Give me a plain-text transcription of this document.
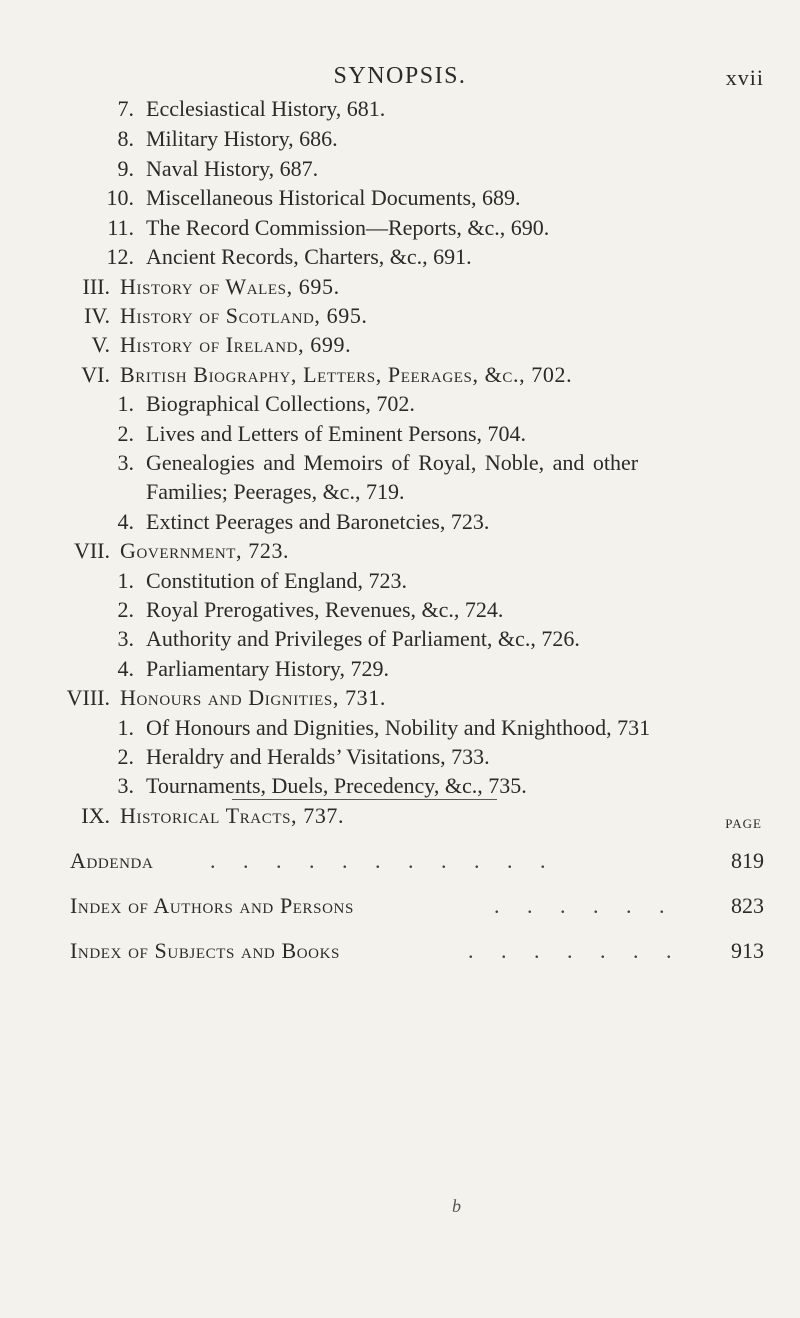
SYNOPSIS.	xvii
7. Ecclesiastical History, 681.
8. Military History, 686.
9. Naval History, 687.
10. Miscellaneous Historical Documents, 689.
11. The Record Commission—Reports, &c., 690.
12. Ancient Records, Charters, &c., 691.
III. History of Wales, 695.
IV. History of Scotland, 695.
V. History of Ireland, 699.
VI. British Biography, Letters, Peerages, &c., 702.
1. Biographical Collections, 702.
2. Lives and Letters of Eminent Persons, 704.
3. Genealogies and Memoirs of Royal, Noble, and other
Families; Peerages, &c., 719.
4. Extinct Peerages and Baronetcies, 723.
VII. Government, 723.
1. Constitution of England, 723.
2. Royal Prerogatives, Revenues, &c., 724.
3. Authority and Privileges of Parliament, &c., 726.
4. Parliamentary History, 729.
VIII. Honours and Dignities, 731.
1. Of Honours and Dignities, Nobility and Knighthood, 731
2. Heraldry and Heralds’ Visitations, 733.
3. Tournaments, Duels, Precedency, &c., 735.
IX. Historical Tracts, 737.	PAGE
Addenda	. . . . . . . . . . .	819
Index of Authors and Persons	. . . . . .	823
Index of Subjects and Books	. . . . . . . 913
b
